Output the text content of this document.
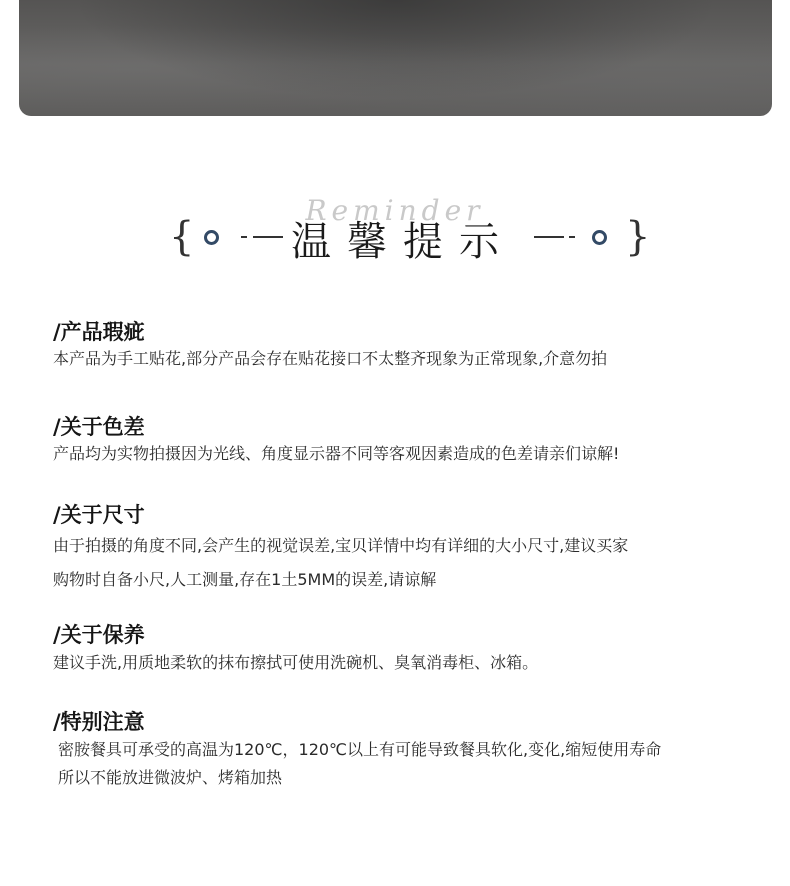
Reminder
{	温馨提示	}

/产品瑕疵

本产品为手工贴花,部分产品会存在贴花接口不太整齐现象为正常现象,介意勿拍

/关于色差

产品均为实物拍摄因为光线、角度显示器不同等客观因素造成的色差请亲们谅解!

/关于尺寸

由于拍摄的角度不同,会产生的视觉误差,宝贝详情中均有详细的大小尺寸,建议买家

购物时自备小尺,人工测量,存在1土5MM的误差,请谅解

/关于保养

建议手洗,用质地柔软的抹布擦拭可使用洗碗机、臭氧消毒柜、冰箱。

/特别注意

密胺餐具可承受的高温为120℃，120℃以上有可能导致餐具软化,变化,缩短使用寿命

所以不能放进微波炉、烤箱加热
